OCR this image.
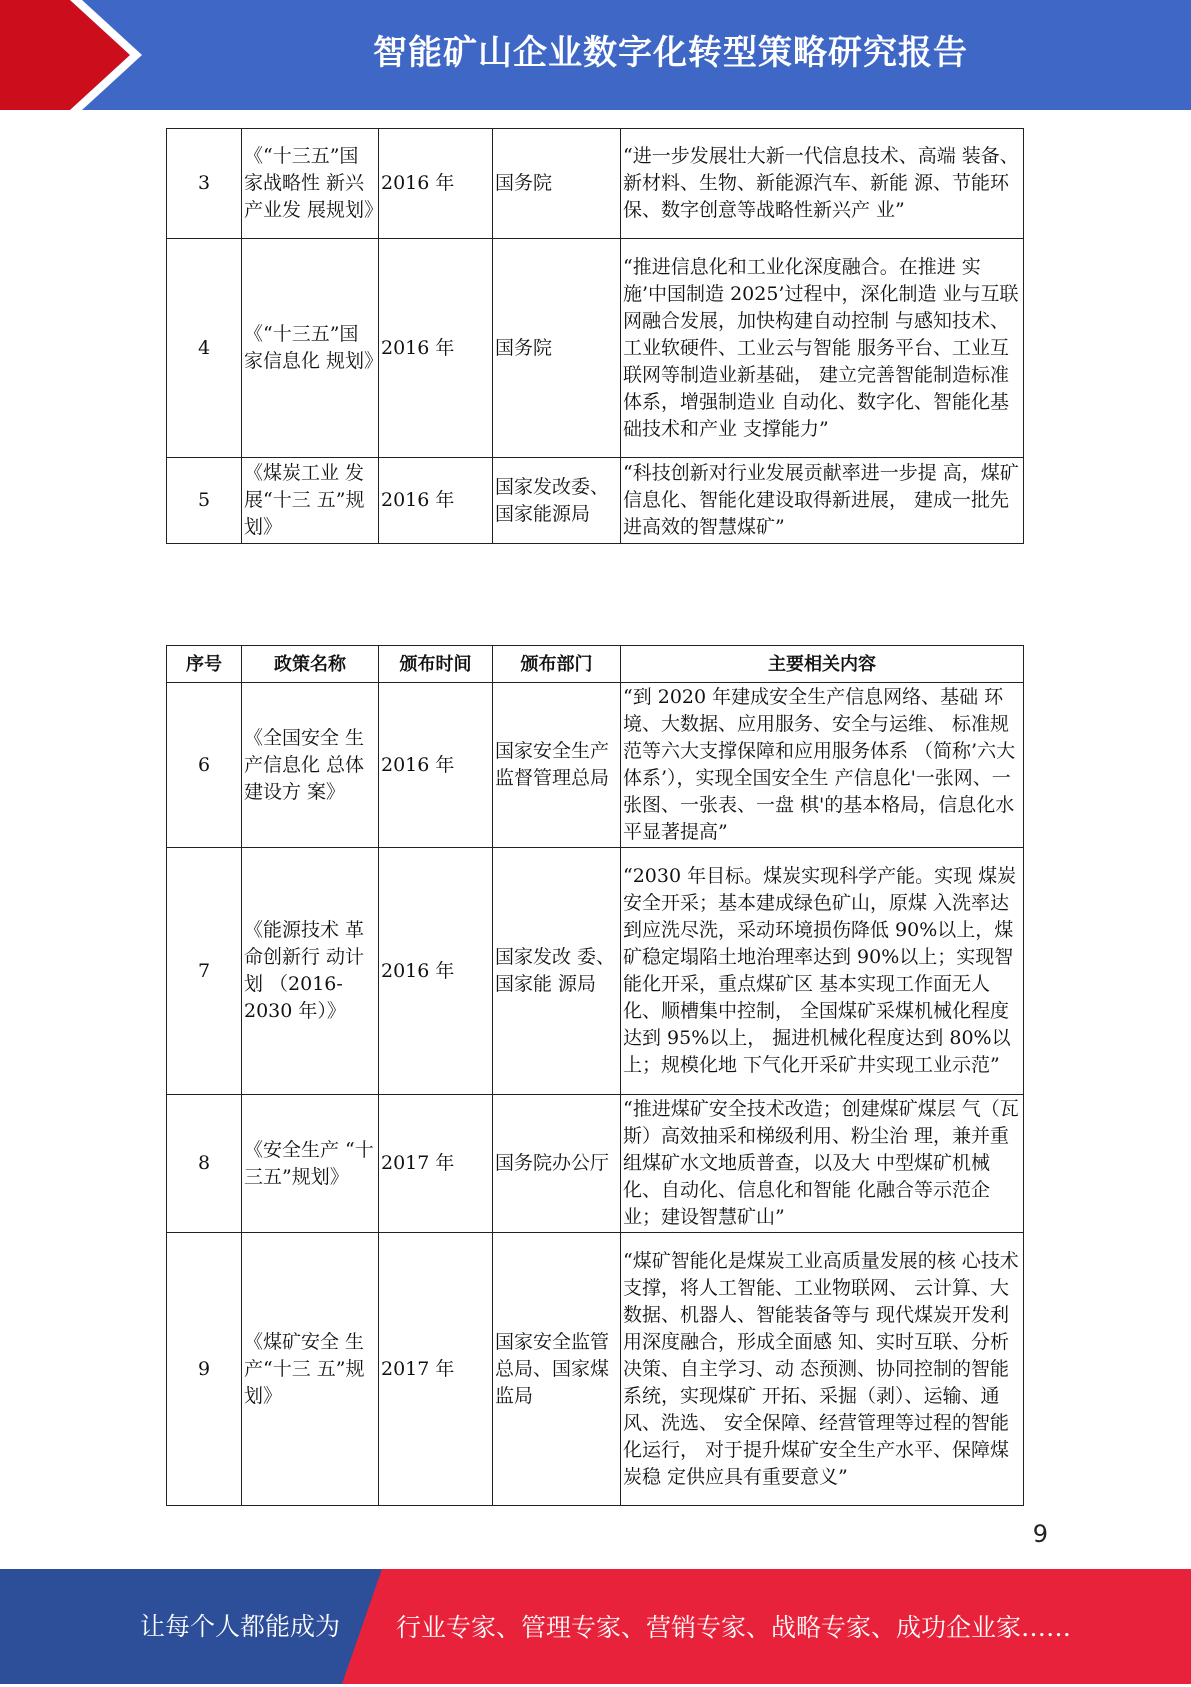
智能矿山企业数字化转型策略研究报告
3	《“十三五”国家战略性 新兴产业发 展规划》	2016 年	国务院	“进一步发展壮大新一代信息技术、高端 装备、新材料、生物、新能源汽车、新能 源、节能环保、数字创意等战略性新兴产 业”
4	《“十三五”国家信息化 规划》	2016 年	国务院	“推进信息化和工业化深度融合。在推进 实施’中国制造 2025’过程中，深化制造 业与互联网融合发展，加快构建自动控制 与感知技术、工业软硬件、工业云与智能 服务平台、工业互联网等制造业新基础， 建立完善智能制造标准体系，增强制造业 自动化、数字化、智能化基础技术和产业 支撑能力”
5	《煤炭工业 发展“十三 五”规划》	2016 年	国家发改委、国家能源局	“科技创新对行业发展贡献率进一步提 高，煤矿信息化、智能化建设取得新进展， 建成一批先进高效的智慧煤矿”
序号	政策名称	颁布时间	颁布部门	主要相关内容
6	《全国安全 生产信息化 总体建设方 案》	2016 年	国家安全生产监督管理总局	“到 2020 年建成安全生产信息网络、基础 环境、大数据、应用服务、安全与运维、 标准规范等六大支撑保障和应用服务体系 （简称’六大体系’），实现全国安全生 产信息化'一张网、一张图、一张表、一盘 棋'的基本格局，信息化水平显著提高”
7	《能源技术 革命创新行 动计划 （2016-2030 年）》	2016 年	国家发改 委、国家能 源局	“2030 年目标。煤炭实现科学产能。实现 煤炭安全开采；基本建成绿色矿山，原煤 入洗率达到应洗尽洗，采动环境损伤降低 90%以上，煤矿稳定塌陷土地治理率达到 90%以上；实现智能化开采，重点煤矿区 基本实现工作面无人化、顺槽集中控制， 全国煤矿采煤机械化程度达到 95%以上， 掘进机械化程度达到 80%以上；规模化地 下气化开采矿井实现工业示范”
8	《安全生产 “十三五”规划》	2017 年	国务院办公厅	“推进煤矿安全技术改造；创建煤矿煤层 气（瓦斯）高效抽采和梯级利用、粉尘治 理，兼并重组煤矿水文地质普查，以及大 中型煤矿机械化、自动化、信息化和智能 化融合等示范企业；建设智慧矿山”
9	《煤矿安全 生产“十三 五”规划》	2017 年	国家安全监管总局、国家煤监局	“煤矿智能化是煤炭工业高质量发展的核 心技术支撑，将人工智能、工业物联网、 云计算、大数据、机器人、智能装备等与 现代煤炭开发利用深度融合，形成全面感 知、实时互联、分析决策、自主学习、动 态预测、协同控制的智能系统，实现煤矿 开拓、采掘（剥）、运输、通风、洗选、 安全保障、经营管理等过程的智能化运行， 对于提升煤矿安全生产水平、保障煤炭稳 定供应具有重要意义”
9
让每个人都能成为 行业专家、管理专家、营销专家、战略专家、成功企业家……
